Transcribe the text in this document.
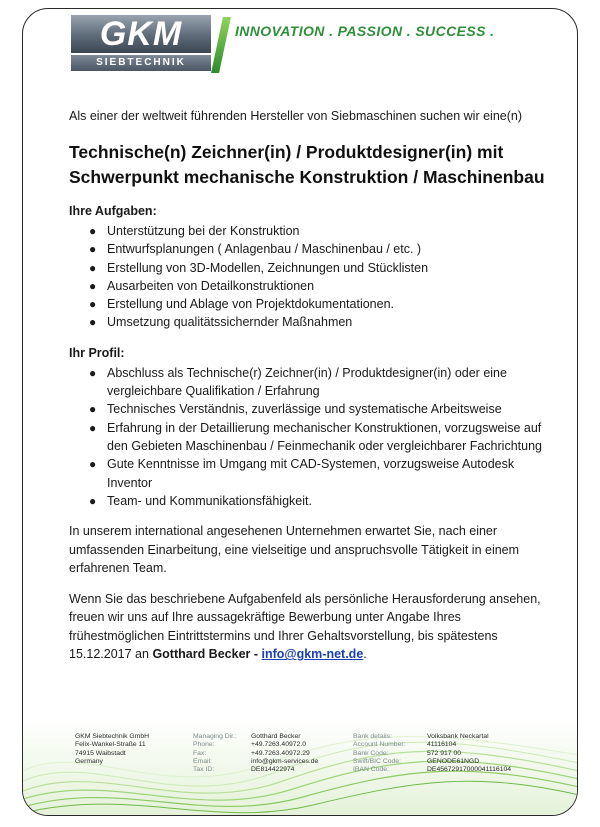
GKM
SIEBTECHNIK
INNOVATION . PASSION . SUCCESS .

Als einer der weltweit führenden Hersteller von Siebmaschinen suchen wir eine(n)

Technische(n) Zeichner(in) / Produktdesigner(in) mit Schwerpunkt mechanische Konstruktion / Maschinenbau
Ihre Aufgaben:
● Unterstützung bei der Konstruktion
● Entwurfsplanungen ( Anlagenbau / Maschinenbau / etc. )
● Erstellung von 3D-Modellen, Zeichnungen und Stücklisten
● Ausarbeiten von Detailkonstruktionen
● Erstellung und Ablage von Projektdokumentationen.
● Umsetzung qualitätssichernder Maßnahmen
Ihr Profil:
● Abschluss als Technische(r) Zeichner(in) / Produktdesigner(in) oder eine vergleichbare Qualifikation / Erfahrung
● Technisches Verständnis, zuverlässige und systematische Arbeitsweise
● Erfahrung in der Detaillierung mechanischer Konstruktionen, vorzugsweise auf den Gebieten Maschinenbau / Feinmechanik oder vergleichbarer Fachrichtung
● Gute Kenntnisse im Umgang mit CAD-Systemen, vorzugsweise Autodesk Inventor
● Team- und Kommunikationsfähigkeit.

In unserem international angesehenen Unternehmen erwartet Sie, nach einer umfassenden Einarbeitung, eine vielseitige und anspruchsvolle Tätigkeit in einem erfahrenen Team.

Wenn Sie das beschriebene Aufgabenfeld als persönliche Herausforderung ansehen, freuen wir uns auf Ihre aussagekräftige Bewerbung unter Angabe Ihres frühestmöglichen Eintrittstermins und Ihrer Gehaltsvorstellung, bis spätestens 15.12.2017 an Gotthard Becker - info@gkm-net.de.

GKM Siebtechnik GmbH
Felix-Wankel-Straße 11
74915 Waibstadt
Germany
Managing Dir.:
Phone:
Fax:
Email:
Tax ID:
Gotthard Becker
+49.7263.40972.0
+49.7263.40972.29
info@gkm-services.de
DE814422974
Bank details:
Account Number:
Bank Code:
Swift/BIC Code:
IBAN Code:
Volksbank Neckartal
41116104
572 917 00
GENODE61NGD
DE45672917000041116104
